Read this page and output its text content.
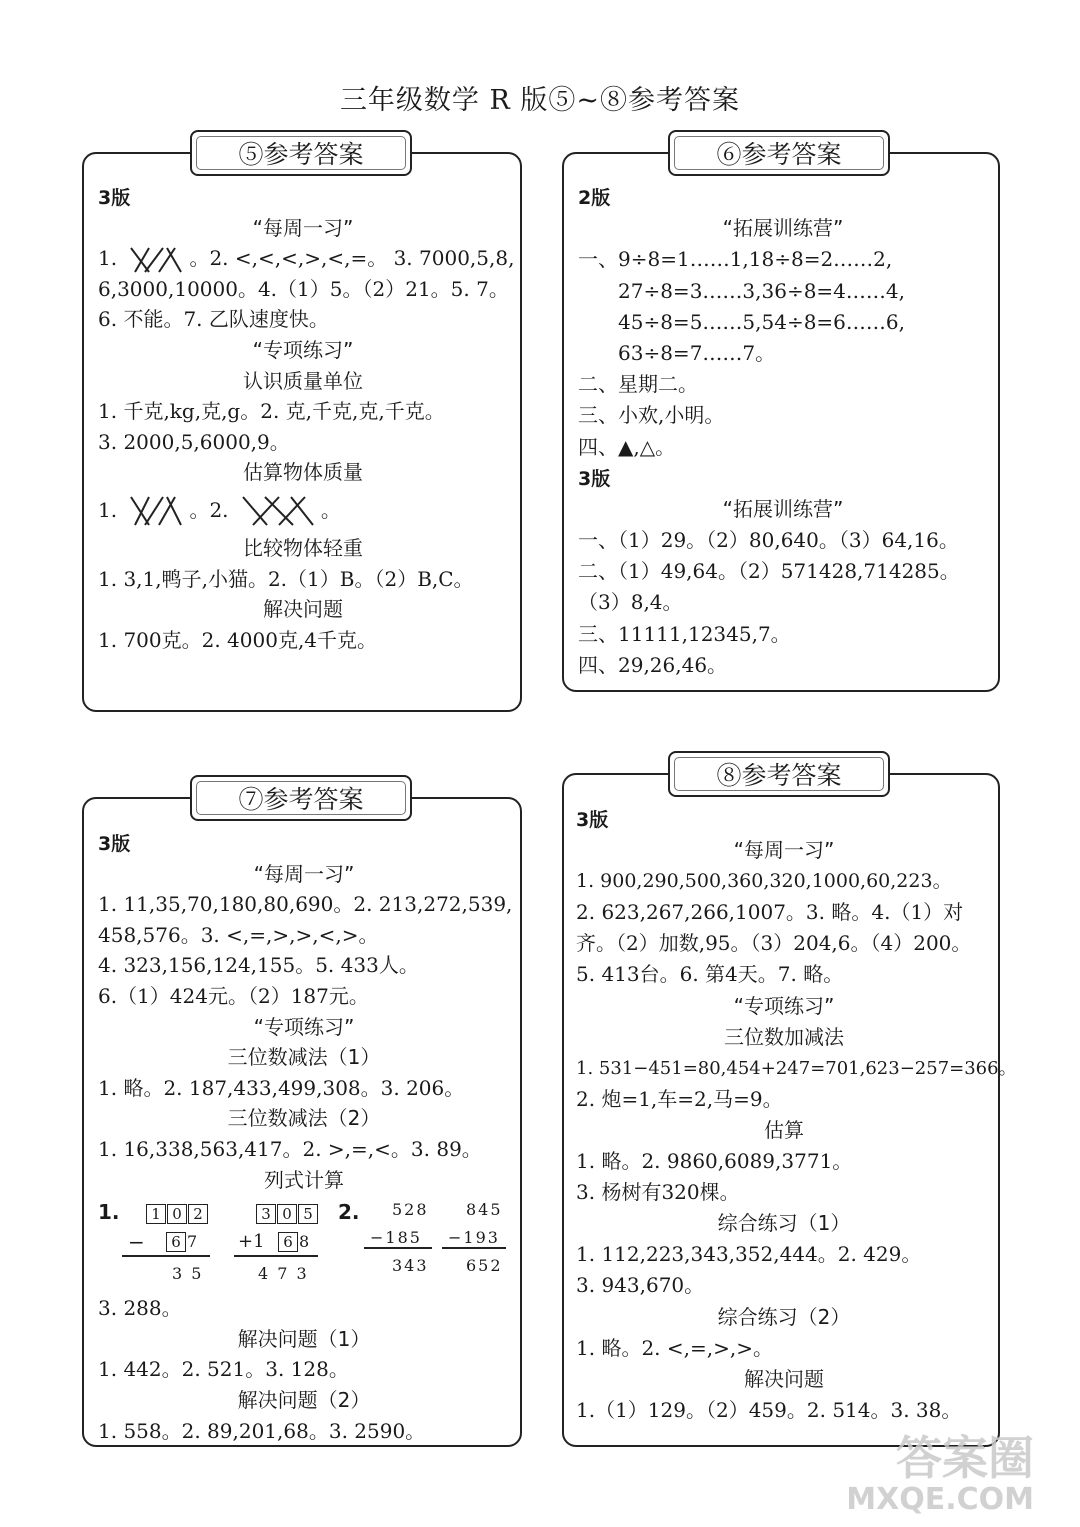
三年级数学 R 版⑤~⑧参考答案
⑤参考答案
3版
“每周一习”
1.	。2. <,<,<,>,<,=。 3. 7000,5,8,
6,3000,10000。4.（1）5。（2）21。5. 7。
6. 不能。7. 乙队速度快。
“专项练习”
认识质量单位
1. 千克,kg,克,g。2. 克,千克,克,千克。
3. 2000,5,6000,9。
估算物体质量
1.	。2.	。
比较物体轻重
1. 3,1,鸭子,小猫。2.（1）B。（2）B,C。
解决问题
1. 700克。2. 4000克,4千克。
⑥参考答案
2版
“拓展训练营”
一、9÷8=1……1,18÷8=2……2,
27÷8=3……3,36÷8=4……4,
45÷8=5……5,54÷8=6……6,
63÷8=7……7。
二、星期二。
三、小欢,小明。
四、▲,△。
3版
“拓展训练营”
一、（1）29。（2）80,640。（3）64,16。
二、（1）49,64。（2）571428,714285。
（3）8,4。
三、11111,12345,7。
四、29,26,46。
⑦参考答案
3版
“每周一习”
1. 11,35,70,180,80,690。2. 213,272,539,
458,576。3. <,=,>,>,<,>。
4. 323,156,124,155。5. 433人。
6.（1）424元。（2）187元。
“专项练习”
三位数减法（1）
1. 略。2. 187,433,499,308。3. 206。
三位数减法（2）
1. 16,338,563,417。2. >,=,<。3. 89。
列式计算
1.	1 0 2
−	6 7
3 5
3 0 5
+1	6 8
4 7 3
2. 528
−185
343
845
−193
652
3. 288。
解决问题（1）
1. 442。2. 521。3. 128。
解决问题（2）
1. 558。2. 89,201,68。3. 2590。
⑧参考答案
3版
“每周一习”
1. 900,290,500,360,320,1000,60,223。
2. 623,267,266,1007。3. 略。4.（1）对
齐。（2）加数,95。（3）204,6。（4）200。
5. 413台。6. 第4天。7. 略。
“专项练习”
三位数加减法
1. 531−451=80,454+247=701,623−257=366。
2. 炮=1,车=2,马=9。
估算
1. 略。2. 9860,6089,3771。
3. 杨树有320棵。
综合练习（1）
1. 112,223,343,352,444。2. 429。
3. 943,670。
综合练习（2）
1. 略。2. <,=,>,>。
解决问题
1.（1）129。（2）459。2. 514。3. 38。
答案圈
MXQE.COM
